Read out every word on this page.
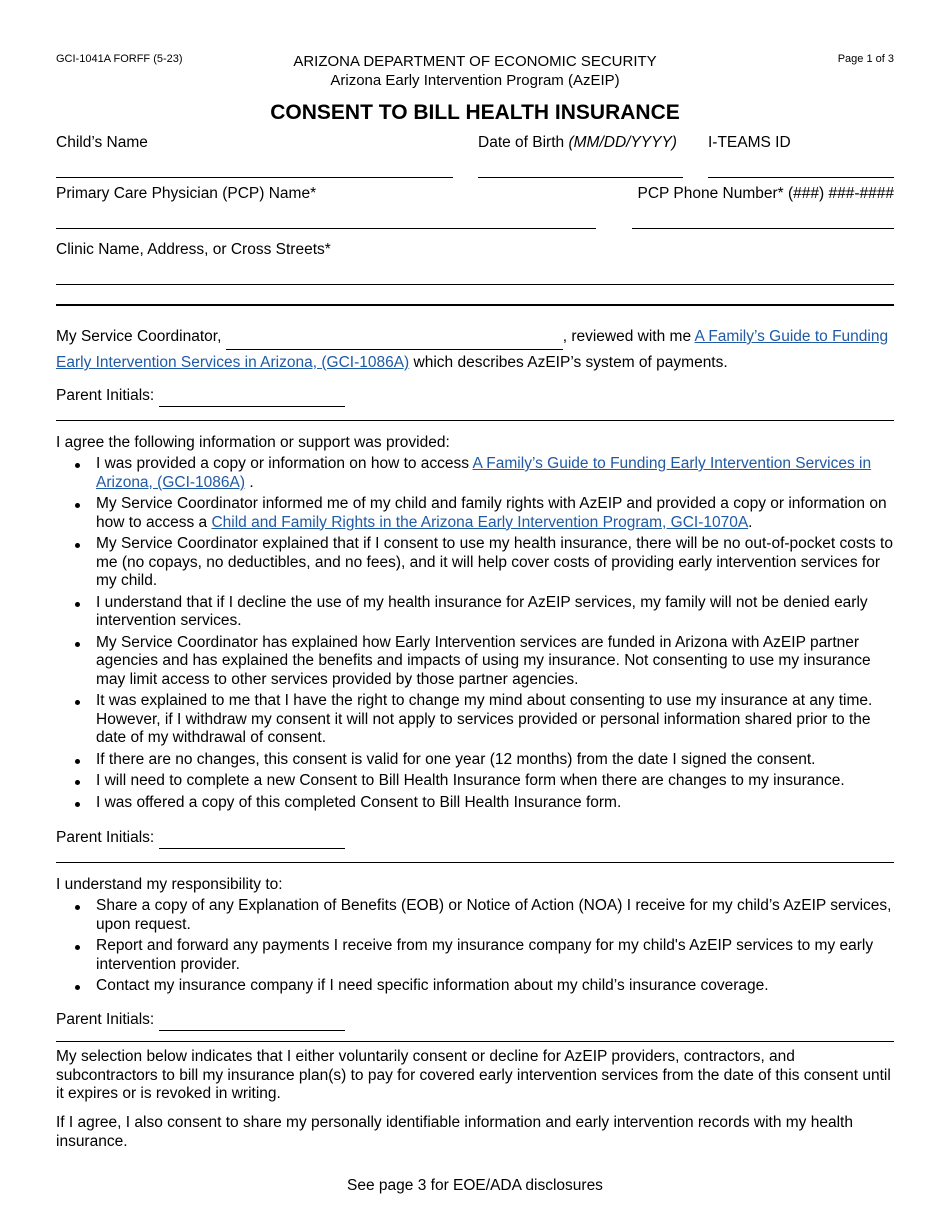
GCI-1041A FORFF (5-23)	Page 1 of 3
ARIZONA DEPARTMENT OF ECONOMIC SECURITY
Arizona Early Intervention Program (AzEIP)
CONSENT TO BILL HEALTH INSURANCE
Child’s Name	Date of Birth (MM/DD/YYYY) I-TEAMS ID
Primary Care Physician (PCP) Name*	PCP Phone Number* (###) ###-####
Clinic Name, Address, or Cross Streets*
My Service Coordinator,	, reviewed with me A Family’s Guide to Funding Early Intervention Services in Arizona, (GCI-1086A) which describes AzEIP’s system of payments.
Parent Initials:
I agree the following information or support was provided:
I was provided a copy or information on how to access A Family’s Guide to Funding Early Intervention Services in Arizona, (GCI-1086A) .
My Service Coordinator informed me of my child and family rights with AzEIP and provided a copy or information on how to access a Child and Family Rights in the Arizona Early Intervention Program, GCI-1070A.
My Service Coordinator explained that if I consent to use my health insurance, there will be no out-of-pocket costs to me (no copays, no deductibles, and no fees), and it will help cover costs of providing early intervention services for my child.
I understand that if I decline the use of my health insurance for AzEIP services, my family will not be denied early intervention services.
My Service Coordinator has explained how Early Intervention services are funded in Arizona with AzEIP partner agencies and has explained the benefits and impacts of using my insurance. Not consenting to use my insurance may limit access to other services provided by those partner agencies.
It was explained to me that I have the right to change my mind about consenting to use my insurance at any time. However, if I withdraw my consent it will not apply to services provided or personal information shared prior to the date of my withdrawal of consent.
If there are no changes, this consent is valid for one year (12 months) from the date I signed the consent.
I will need to complete a new Consent to Bill Health Insurance form when there are changes to my insurance.
I was offered a copy of this completed Consent to Bill Health Insurance form.
Parent Initials:
I understand my responsibility to:
Share a copy of any Explanation of Benefits (EOB) or Notice of Action (NOA) I receive for my child’s AzEIP services, upon request.
Report and forward any payments I receive from my insurance company for my child's AzEIP services to my early intervention provider.
Contact my insurance company if I need specific information about my child’s insurance coverage.
Parent Initials:
My selection below indicates that I either voluntarily consent or decline for AzEIP providers, contractors, and subcontractors to bill my insurance plan(s) to pay for covered early intervention services from the date of this consent until it expires or is revoked in writing.
If I agree, I also consent to share my personally identifiable information and early intervention records with my health insurance.
See page 3 for EOE/ADA disclosures
